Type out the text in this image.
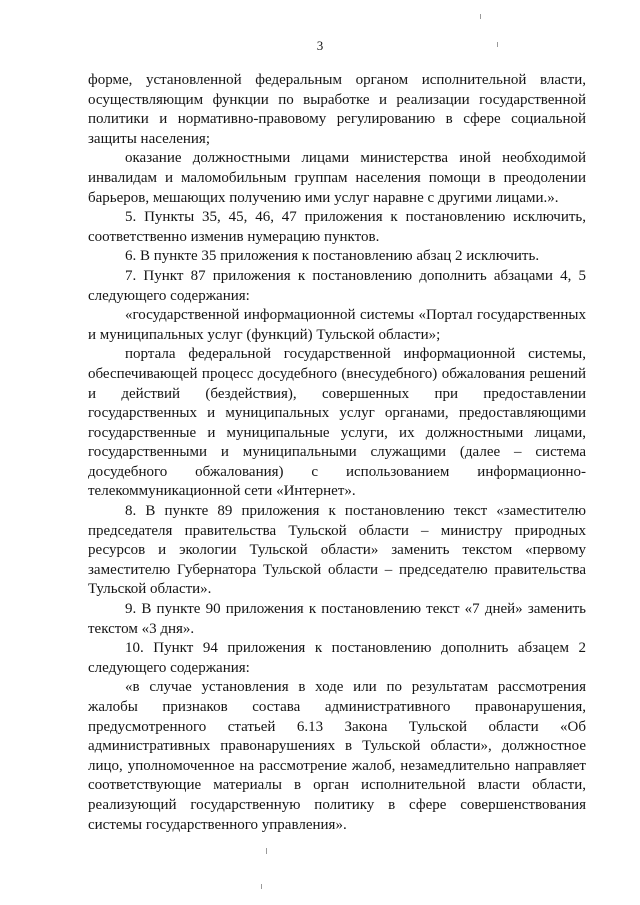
3

форме, установленной федеральным органом исполнительной власти, осуществляющим функции по выработке и реализации государственной политики и нормативно-правовому регулированию в сфере социальной защиты населения;

оказание должностными лицами министерства иной необходимой инвалидам и маломобильным группам населения помощи в преодолении барьеров, мешающих получению ими услуг наравне с другими лицами.».

5. Пункты 35, 45, 46, 47 приложения к постановлению исключить, соответственно изменив нумерацию пунктов.

6. В пункте 35 приложения к постановлению абзац 2 исключить.

7. Пункт 87 приложения к постановлению дополнить абзацами 4, 5 следующего содержания:

«государственной информационной системы «Портал государственных и муниципальных услуг (функций) Тульской области»;

портала федеральной государственной информационной системы, обеспечивающей процесс досудебного (внесудебного) обжалования решений и действий (бездействия), совершенных при предоставлении государственных и муниципальных услуг органами, предоставляющими государственные и муниципальные услуги, их должностными лицами, государственными и муниципальными служащими (далее – система досудебного обжалования) с использованием информационно-телекоммуникационной сети «Интернет».

8. В пункте 89 приложения к постановлению текст «заместителю председателя правительства Тульской области – министру природных ресурсов и экологии Тульской области» заменить текстом «первому заместителю Губернатора Тульской области – председателю правительства Тульской области».

9. В пункте 90 приложения к постановлению текст «7 дней» заменить текстом «3 дня».

10. Пункт 94 приложения к постановлению дополнить абзацем 2 следующего содержания:

«в случае установления в ходе или по результатам рассмотрения жалобы признаков состава административного правонарушения, предусмотренного статьей 6.13 Закона Тульской области «Об административных правонарушениях в Тульской области», должностное лицо, уполномоченное на рассмотрение жалоб, незамедлительно направляет соответствующие материалы в орган исполнительной власти области, реализующий государственную политику в сфере совершенствования системы государственного управления».
